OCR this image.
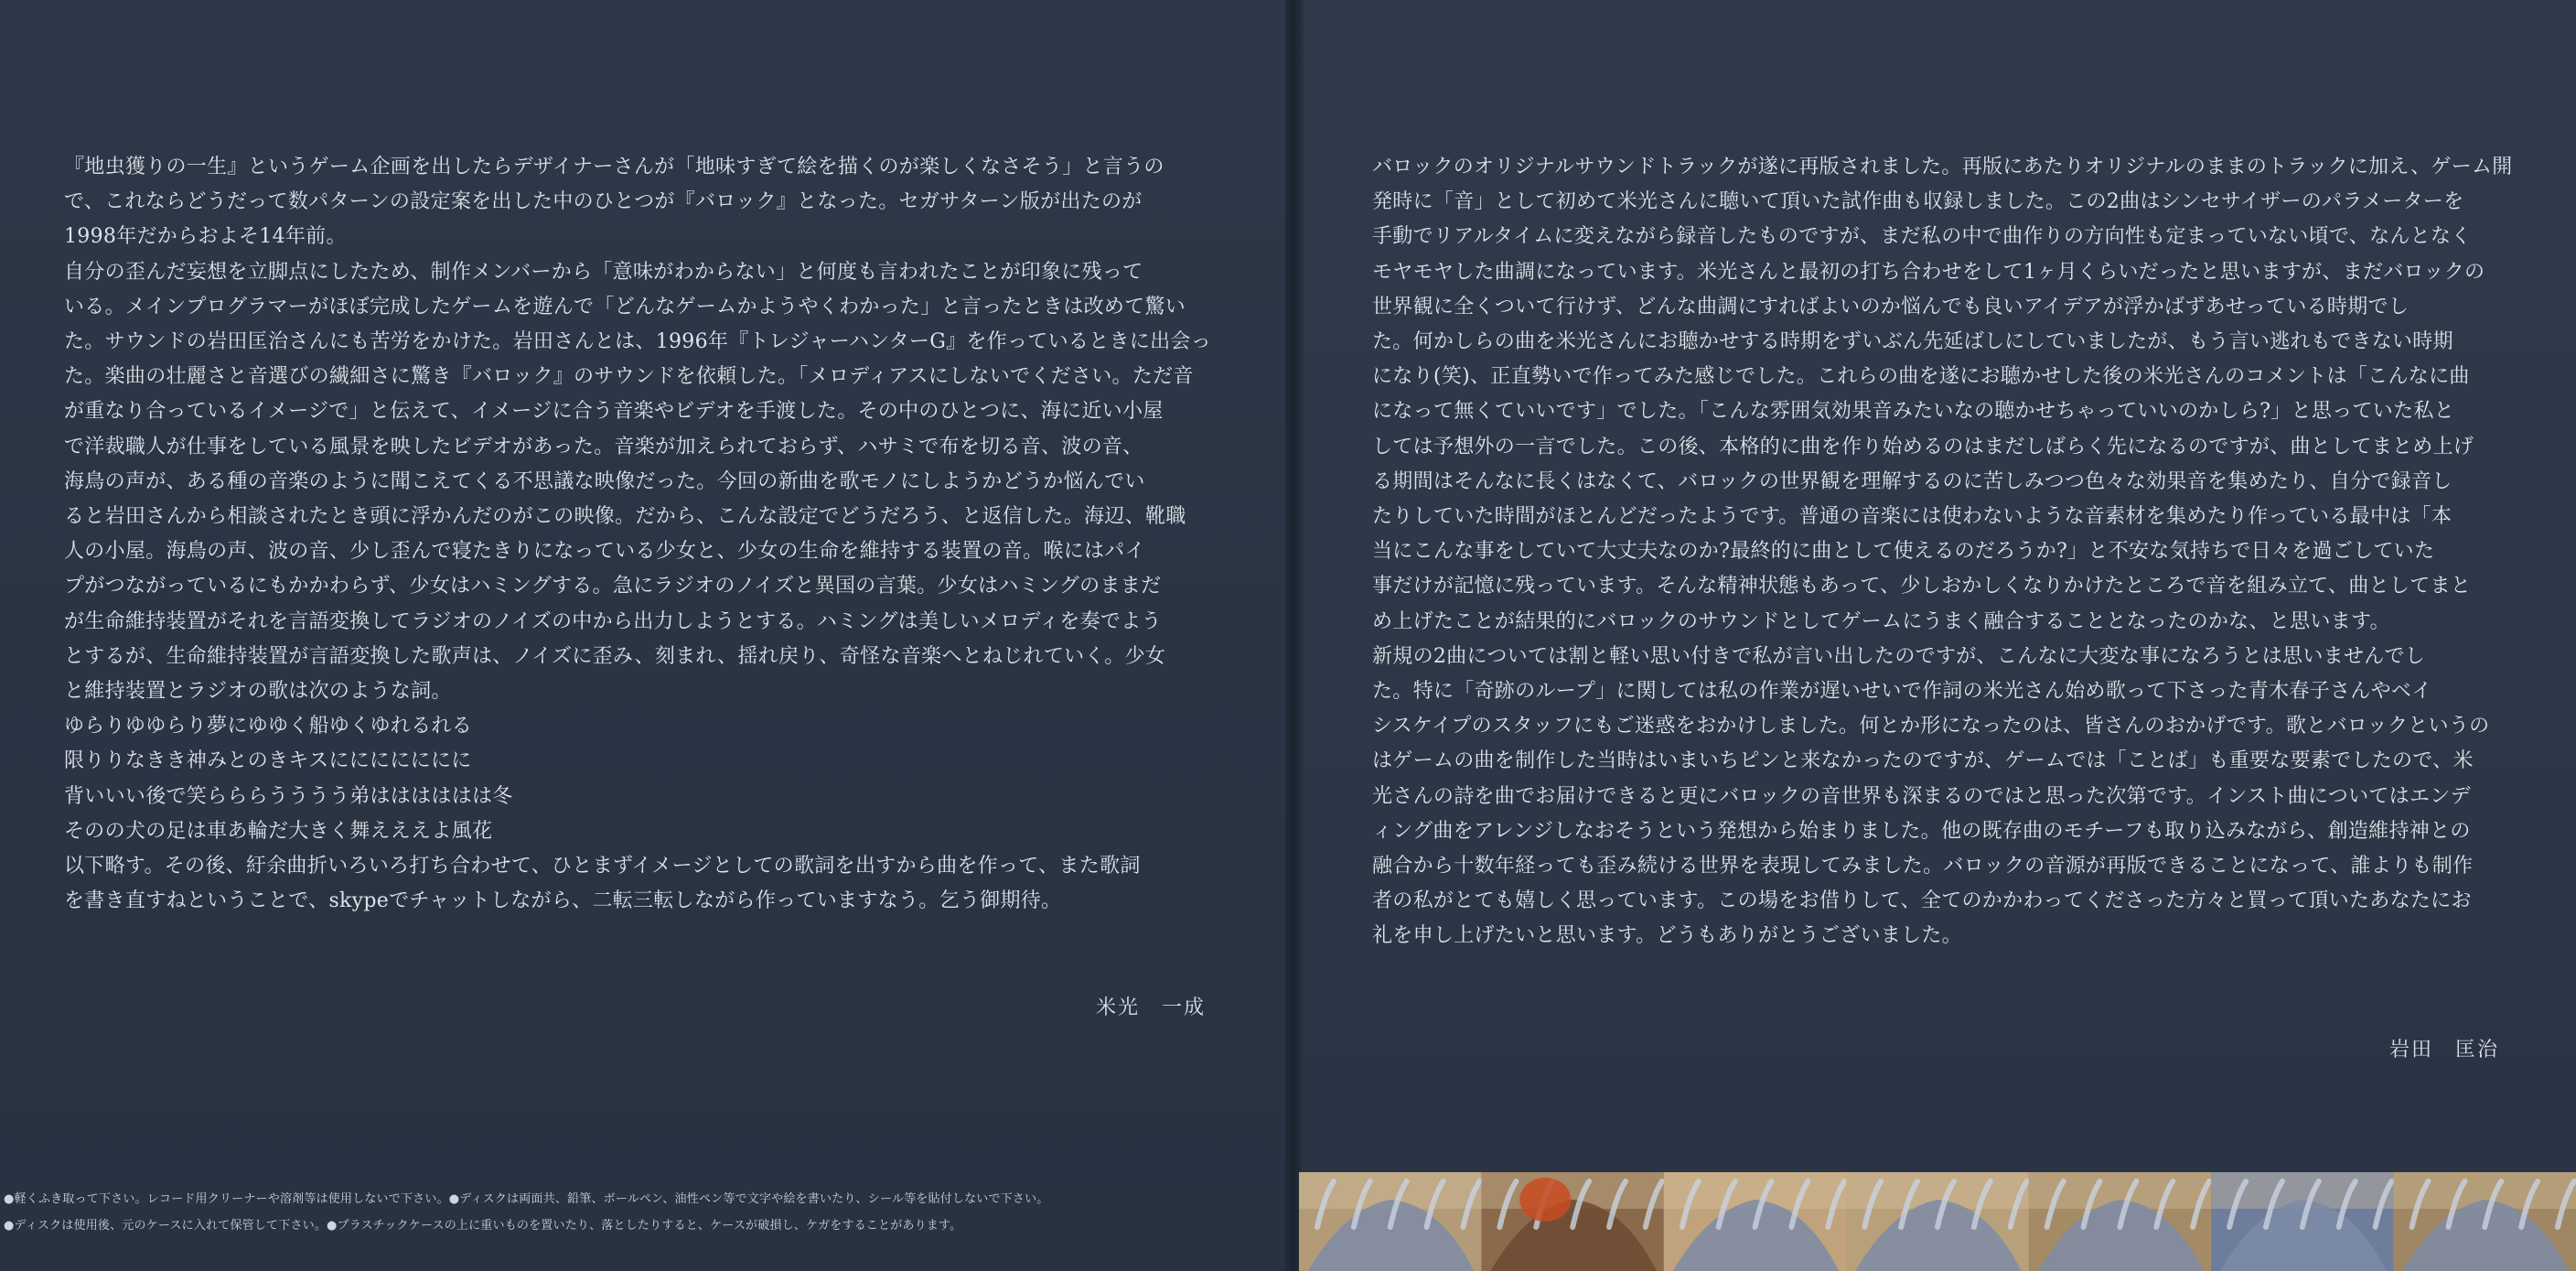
『地虫獲りの一生』というゲーム企画を出したらデザイナーさんが「地味すぎて絵を描くのが楽しくなさそう」と言うの

で、これならどうだって数パターンの設定案を出した中のひとつが『バロック』となった。セガサターン版が出たのが

1998年だからおよそ14年前。

自分の歪んだ妄想を立脚点にしたため、制作メンバーから「意味がわからない」と何度も言われたことが印象に残って

いる。メインプログラマーがほぼ完成したゲームを遊んで「どんなゲームかようやくわかった」と言ったときは改めて驚い

た。サウンドの岩田匡治さんにも苦労をかけた。岩田さんとは、1996年『トレジャーハンターG』を作っているときに出会っ

た。楽曲の壮麗さと音選びの繊細さに驚き『バロック』のサウンドを依頼した。「メロディアスにしないでください。ただ音

が重なり合っているイメージで」と伝えて、イメージに合う音楽やビデオを手渡した。その中のひとつに、海に近い小屋

で洋裁職人が仕事をしている風景を映したビデオがあった。音楽が加えられておらず、ハサミで布を切る音、波の音、

海鳥の声が、ある種の音楽のように聞こえてくる不思議な映像だった。今回の新曲を歌モノにしようかどうか悩んでい

ると岩田さんから相談されたとき頭に浮かんだのがこの映像。だから、こんな設定でどうだろう、と返信した。海辺、靴職

人の小屋。海鳥の声、波の音、少し歪んで寝たきりになっている少女と、少女の生命を維持する装置の音。喉にはパイ

プがつながっているにもかかわらず、少女はハミングする。急にラジオのノイズと異国の言葉。少女はハミングのままだ

が生命維持装置がそれを言語変換してラジオのノイズの中から出力しようとする。ハミングは美しいメロディを奏でよう

とするが、生命維持装置が言語変換した歌声は、ノイズに歪み、刻まれ、揺れ戻り、奇怪な音楽へとねじれていく。少女

と維持装置とラジオの歌は次のような詞。

ゆらりゆゆらり夢にゆゆく船ゆくゆれるれる

限りりなきき神みとのきキスににににににに

背いいい後で笑らららうううう弟はははははは冬

そのの犬の足は車あ輪だ大きく舞えええよ風花

以下略す。その後、紆余曲折いろいろ打ち合わせて、ひとまずイメージとしての歌詞を出すから曲を作って、また歌詞

を書き直すねということで、skypeでチャットしながら、二転三転しながら作っていますなう。乞う御期待。

米光　一成
●軽くふき取って下さい。レコード用クリーナーや溶剤等は使用しないで下さい。●ディスクは両面共、鉛筆、ボールペン、油性ペン等で文字や絵を書いたり、シール等を貼付しないで下さい。
●ディスクは使用後、元のケースに入れて保管して下さい。●プラスチックケースの上に重いものを置いたり、落としたりすると、ケースが破損し、ケガをすることがあります。

バロックのオリジナルサウンドトラックが遂に再版されました。再版にあたりオリジナルのままのトラックに加え、ゲーム開

発時に「音」として初めて米光さんに聴いて頂いた試作曲も収録しました。この2曲はシンセサイザーのパラメーターを

手動でリアルタイムに変えながら録音したものですが、まだ私の中で曲作りの方向性も定まっていない頃で、なんとなく

モヤモヤした曲調になっています。米光さんと最初の打ち合わせをして1ヶ月くらいだったと思いますが、まだバロックの

世界観に全くついて行けず、どんな曲調にすればよいのか悩んでも良いアイデアが浮かばずあせっている時期でし

た。何かしらの曲を米光さんにお聴かせする時期をずいぶん先延ばしにしていましたが、もう言い逃れもできない時期

になり(笑)、正直勢いで作ってみた感じでした。これらの曲を遂にお聴かせした後の米光さんのコメントは「こんなに曲

になって無くていいです」でした。「こんな雰囲気効果音みたいなの聴かせちゃっていいのかしら?」と思っていた私と

しては予想外の一言でした。この後、本格的に曲を作り始めるのはまだしばらく先になるのですが、曲としてまとめ上げ

る期間はそんなに長くはなくて、バロックの世界観を理解するのに苦しみつつ色々な効果音を集めたり、自分で録音し

たりしていた時間がほとんどだったようです。普通の音楽には使わないような音素材を集めたり作っている最中は「本

当にこんな事をしていて大丈夫なのか?最終的に曲として使えるのだろうか?」と不安な気持ちで日々を過ごしていた

事だけが記憶に残っています。そんな精神状態もあって、少しおかしくなりかけたところで音を組み立て、曲としてまと

め上げたことが結果的にバロックのサウンドとしてゲームにうまく融合することとなったのかな、と思います。

新規の2曲については割と軽い思い付きで私が言い出したのですが、こんなに大変な事になろうとは思いませんでし

た。特に「奇跡のループ」に関しては私の作業が遅いせいで作詞の米光さん始め歌って下さった青木春子さんやベイ

シスケイプのスタッフにもご迷惑をおかけしました。何とか形になったのは、皆さんのおかげです。歌とバロックというの

はゲームの曲を制作した当時はいまいちピンと来なかったのですが、ゲームでは「ことば」も重要な要素でしたので、米

光さんの詩を曲でお届けできると更にバロックの音世界も深まるのではと思った次第です。インスト曲についてはエンデ

ィング曲をアレンジしなおそうという発想から始まりました。他の既存曲のモチーフも取り込みながら、創造維持神との

融合から十数年経っても歪み続ける世界を表現してみました。バロックの音源が再版できることになって、誰よりも制作

者の私がとても嬉しく思っています。この場をお借りして、全てのかかわってくださった方々と買って頂いたあなたにお

礼を申し上げたいと思います。どうもありがとうございました。

岩田　匡治
